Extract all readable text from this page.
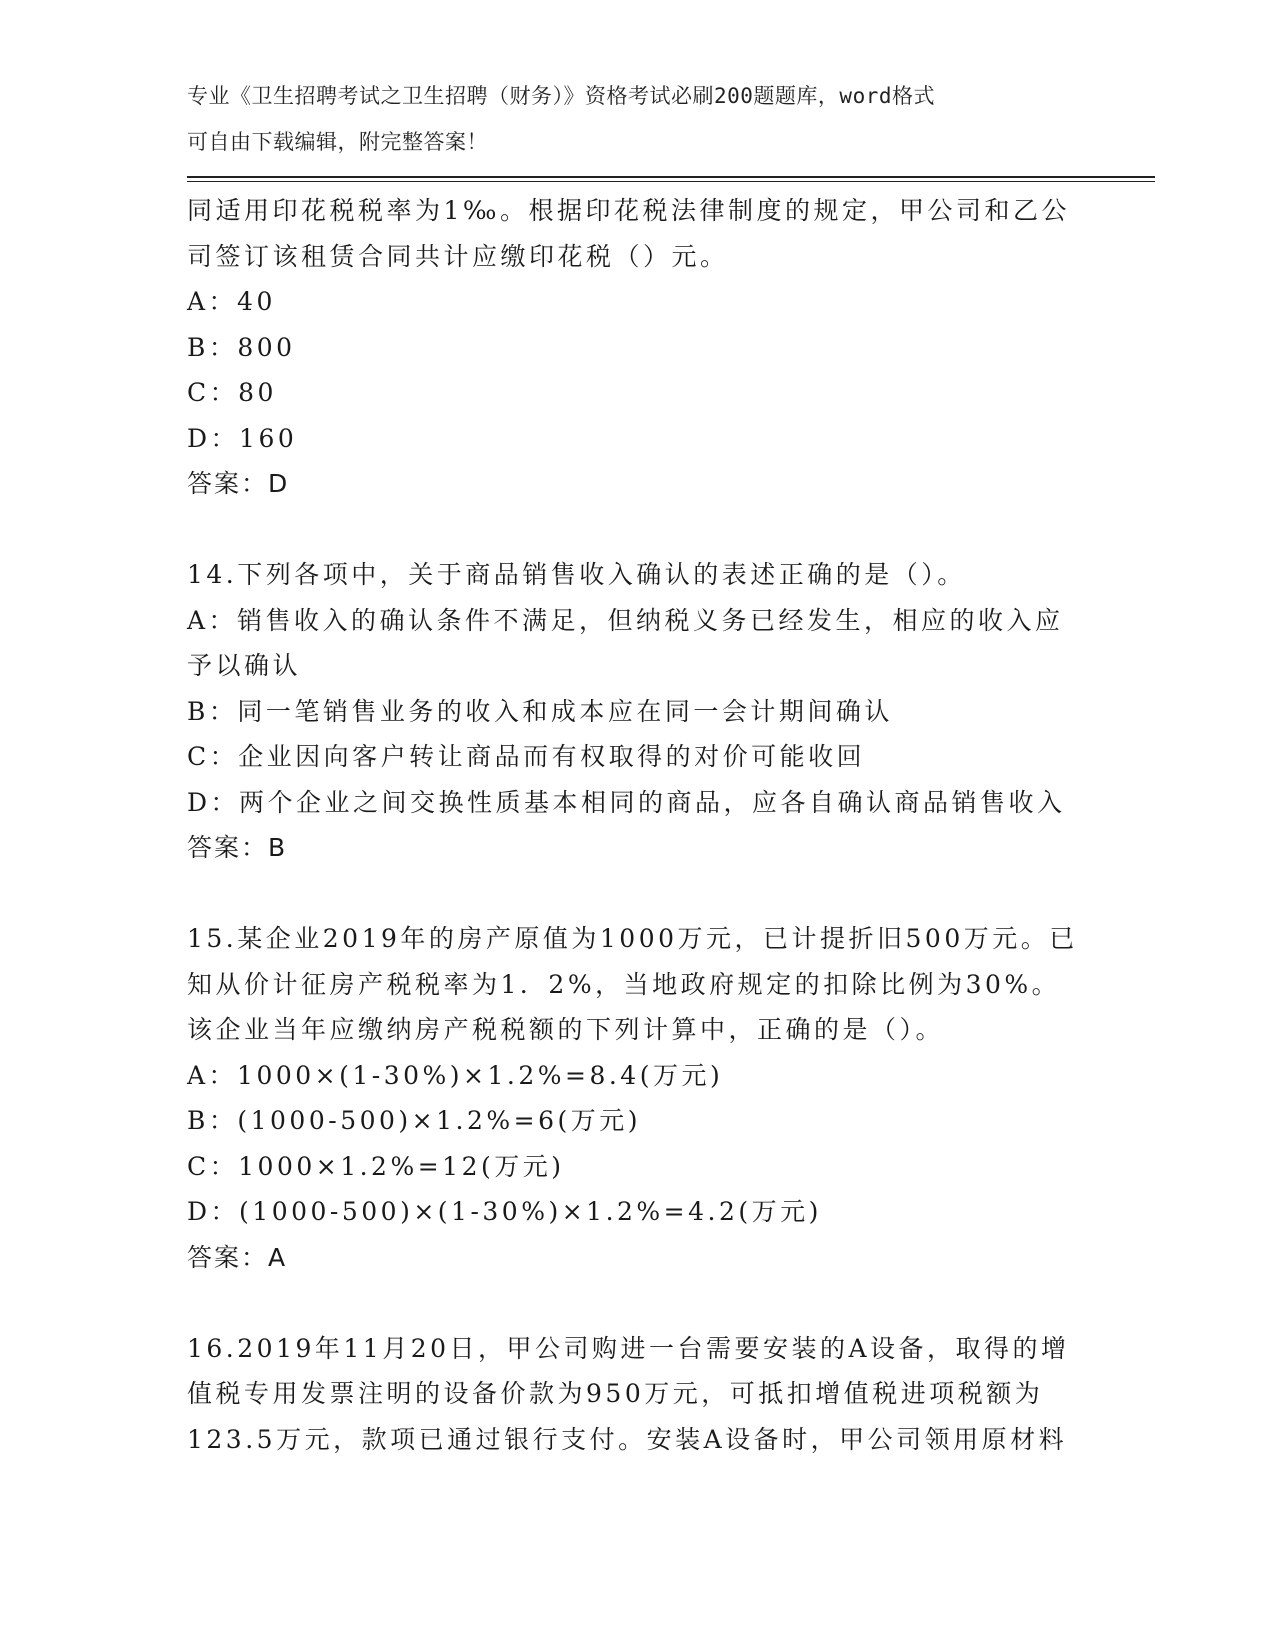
专业《卫生招聘考试之卫生招聘（财务）》资格考试必刷200题题库，word格式
可自由下载编辑，附完整答案！
同适用印花税税率为1‰。根据印花税法律制度的规定，甲公司和乙公
司签订该租赁合同共计应缴印花税（）元。
A：40
B：800
C：80
D：160
答案：D
14.下列各项中，关于商品销售收入确认的表述正确的是（）。
A：销售收入的确认条件不满足，但纳税义务已经发生，相应的收入应
予以确认
B：同一笔销售业务的收入和成本应在同一会计期间确认
C：企业因向客户转让商品而有权取得的对价可能收回
D：两个企业之间交换性质基本相同的商品，应各自确认商品销售收入
答案：B
15.某企业2019年的房产原值为1000万元，已计提折旧500万元。已
知从价计征房产税税率为1．2%，当地政府规定的扣除比例为30%。
该企业当年应缴纳房产税税额的下列计算中，正确的是（）。
A：1000×(1-30%)×1.2%=8.4(万元)
B：(1000-500)×1.2%=6(万元)
C：1000×1.2%=12(万元)
D：(1000-500)×(1-30%)×1.2%=4.2(万元)
答案：A
16.2019年11月20日，甲公司购进一台需要安装的A设备，取得的增
值税专用发票注明的设备价款为950万元，可抵扣增值税进项税额为
123.5万元，款项已通过银行支付。安装A设备时，甲公司领用原材料
